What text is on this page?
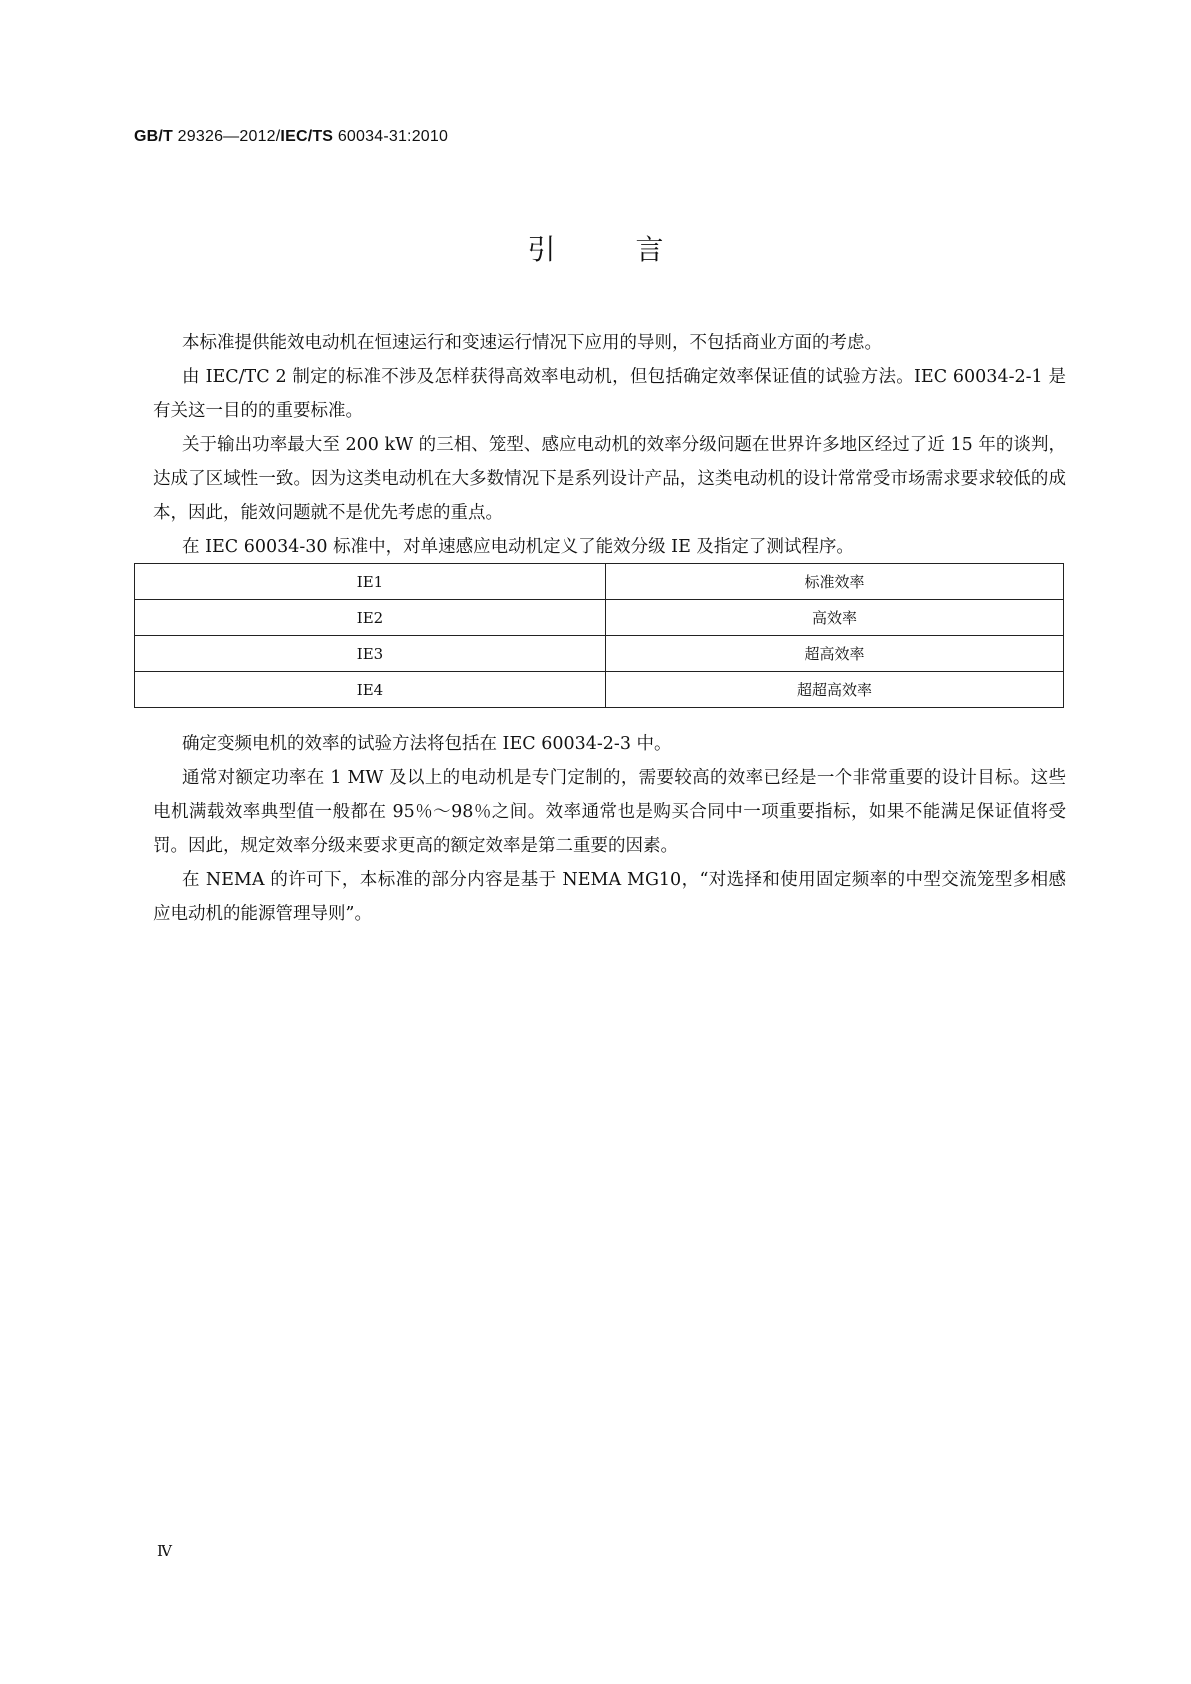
GB/T 29326—2012/IEC/TS 60034-31:2010
引	言

本标准提供能效电动机在恒速运行和变速运行情况下应用的导则，不包括商业方面的考虑。

由 IEC/TC 2 制定的标准不涉及怎样获得高效率电动机，但包括确定效率保证值的试验方法。IEC 60034-2-1 是有关这一目的的重要标准。

关于输出功率最大至 200 kW 的三相、笼型、感应电动机的效率分级问题在世界许多地区经过了近 15 年的谈判，达成了区域性一致。因为这类电动机在大多数情况下是系列设计产品，这类电动机的设计常常受市场需求要求较低的成本，因此，能效问题就不是优先考虑的重点。

在 IEC 60034-30 标准中，对单速感应电动机定义了能效分级 IE 及指定了测试程序。

IE1	标准效率
IE2	高效率
IE3	超高效率
IE4	超超高效率

确定变频电机的效率的试验方法将包括在 IEC 60034-2-3 中。

通常对额定功率在 1 MW 及以上的电动机是专门定制的，需要较高的效率已经是一个非常重要的设计目标。这些电机满载效率典型值一般都在 95％～98％之间。效率通常也是购买合同中一项重要指标，如果不能满足保证值将受罚。因此，规定效率分级来要求更高的额定效率是第二重要的因素。

在 NEMA 的许可下，本标准的部分内容是基于 NEMA MG10，“对选择和使用固定频率的中型交流笼型多相感应电动机的能源管理导则”。

Ⅳ
